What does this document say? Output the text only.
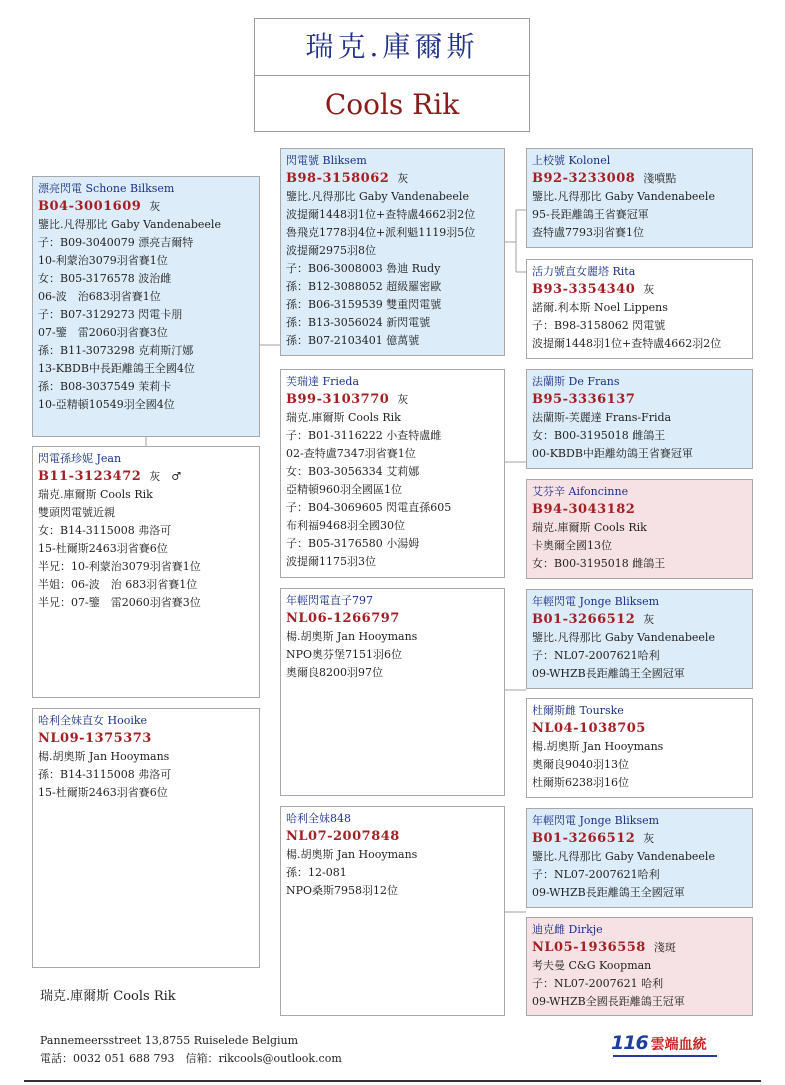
瑞克.庫爾斯
Cools Rik
漂亮閃電 Schone Bilksem
B04-3001609 灰
鑒比.凡得那比 Gaby Vandenabeele
子：B09-3040079 漂亮吉爾特
10-利蒙治3079羽省賽1位
女：B05-3176578 波治雌
06-波　治683羽省賽1位
子：B07-3129273 閃電卡朋
07-鑒　雷2060羽省賽3位
孫：B11-3073298 克莉斯汀娜
13-KBDB中長距離鴿王全國4位
孫：B08-3037549 茉莉卡
10-亞精頓10549羽全國4位
閃電孫珍妮 Jean
B11-3123472 灰　♂
瑞克.庫爾斯 Cools Rik
雙頭閃電號近親
女：B14-3115008 弗洛可
15-杜爾斯2463羽省賽6位
半兄：10-利蒙治3079羽省賽1位
半姐：06-波　治 683羽省賽1位
半兄：07-鑒　雷2060羽省賽3位
哈利全妹直女 Hooike
NL09-1375373
楊.胡奧斯 Jan Hooymans
孫：B14-3115008 弗洛可
15-杜爾斯2463羽省賽6位
閃電號 Bliksem
B98-3158062 灰
鑒比.凡得那比 Gaby Vandenabeele
波提爾1448羽1位+查特盧4662羽2位
魯飛克1778羽4位+派利魁1119羽5位
波提爾2975羽8位
子：B06-3008003 魯迪 Rudy
孫：B12-3088052 超級羅密歐
孫：B06-3159539 雙重閃電號
孫：B13-3056024 新閃電號
孫：B07-2103401 億萬號
芙瑞達 Frieda
B99-3103770 灰
瑞克.庫爾斯 Cools Rik
子：B01-3116222 小查特盧雌
02-查特盧7347羽省賽1位
女：B03-3056334 艾莉娜
亞精頓960羽全國區1位
子：B04-3069605 閃電直孫605
布利福9468羽全國30位
子：B05-3176580 小湯姆
波提爾1175羽3位
年輕閃電直子797
NL06-1266797
楊.胡奧斯 Jan Hooymans
NPO奧芬堡7151羽6位
奧爾良8200羽97位
哈利全妹848
NL07-2007848
楊.胡奧斯 Jan Hooymans
孫：12-081
NPO桑斯7958羽12位
上校號 Kolonel
B92-3233008 淺噴點
鑒比.凡得那比 Gaby Vandenabeele
95-長距離鴿王省賽冠軍
查特盧7793羽省賽1位
活力號直女麗塔 Rita
B93-3354340 灰
諾爾.利本斯 Noel Lippens
子：B98-3158062 閃電號
波提爾1448羽1位+查特盧4662羽2位
法蘭斯 De Frans
B95-3336137
法蘭斯-芙麗達 Frans-Frida
女：B00-3195018 雌鴿王
00-KBDB中距離幼鴿王省賽冠軍
艾芬辛 Aifoncinne
B94-3043182
瑞克.庫爾斯 Cools Rik
卡奧爾全國13位
女：B00-3195018 雌鴿王
年輕閃電 Jonge Bliksem
B01-3266512 灰
鑒比.凡得那比 Gaby Vandenabeele
子：NL07-2007621哈利
09-WHZB長距離鴿王全國冠軍
杜爾斯雌 Tourske
NL04-1038705
楊.胡奧斯 Jan Hooymans
奧爾良9040羽13位
杜爾斯6238羽16位
年輕閃電 Jonge Bliksem
B01-3266512 灰
鑒比.凡得那比 Gaby Vandenabeele
子：NL07-2007621哈利
09-WHZB長距離鴿王全國冠軍
迪克雌 Dirkje
NL05-1936558 淺斑
考夫曼 C&G Koopman
子：NL07-2007621 哈利
09-WHZB全國長距離鴿王冠軍
瑞克.庫爾斯 Cools Rik
Pannemeersstreet 13,8755 Ruiselede Belgium
電話：0032 051 688 793　信箱：rikcools@outlook.com
116 雲端血統
